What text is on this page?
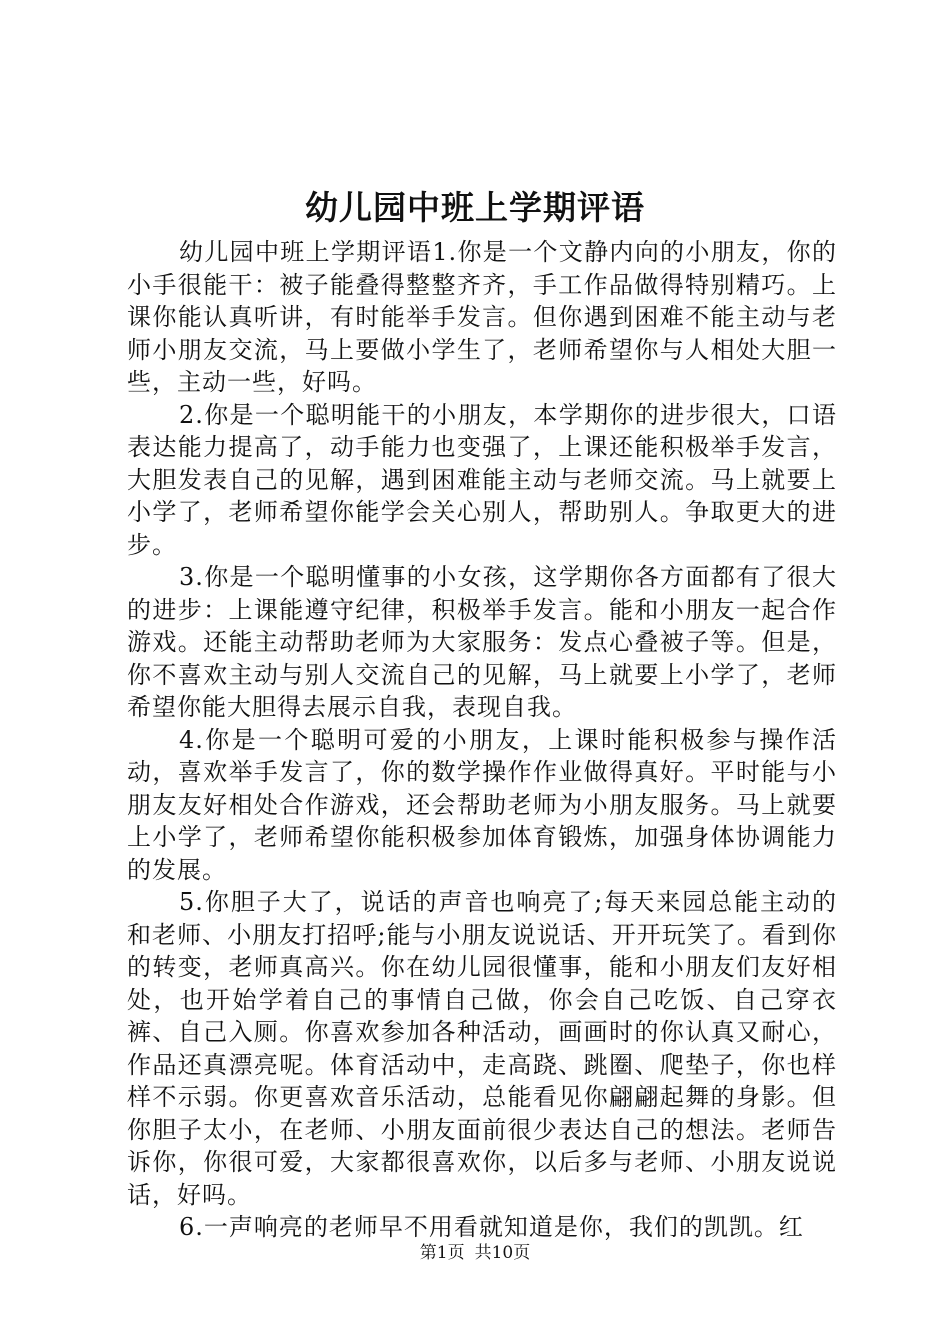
幼儿园中班上学期评语

幼儿园中班上学期评语1.你是一个文静内向的小朋友，你的小手很能干：被子能叠得整整齐齐，手工作品做得特别精巧。上课你能认真听讲，有时能举手发言。但你遇到困难不能主动与老师小朋友交流，马上要做小学生了，老师希望你与人相处大胆一些，主动一些，好吗。

2.你是一个聪明能干的小朋友，本学期你的进步很大，口语表达能力提高了，动手能力也变强了，上课还能积极举手发言，大胆发表自己的见解，遇到困难能主动与老师交流。马上就要上小学了，老师希望你能学会关心别人，帮助别人。争取更大的进步。

3.你是一个聪明懂事的小女孩，这学期你各方面都有了很大的进步：上课能遵守纪律，积极举手发言。能和小朋友一起合作游戏。还能主动帮助老师为大家服务：发点心叠被子等。但是，你不喜欢主动与别人交流自己的见解，马上就要上小学了，老师希望你能大胆得去展示自我，表现自我。

4.你是一个聪明可爱的小朋友，上课时能积极参与操作活动，喜欢举手发言了，你的数学操作作业做得真好。平时能与小朋友友好相处合作游戏，还会帮助老师为小朋友服务。马上就要上小学了，老师希望你能积极参加体育锻炼，加强身体协调能力的发展。

5.你胆子大了，说话的声音也响亮了;每天来园总能主动的和老师、小朋友打招呼;能与小朋友说说话、开开玩笑了。看到你的转变，老师真高兴。你在幼儿园很懂事，能和小朋友们友好相处，也开始学着自己的事情自己做，你会自己吃饭、自己穿衣裤、自己入厕。你喜欢参加各种活动，画画时的你认真又耐心，作品还真漂亮呢。体育活动中，走高跷、跳圈、爬垫子，你也样样不示弱。你更喜欢音乐活动，总能看见你翩翩起舞的身影。但你胆子太小，在老师、小朋友面前很少表达自己的想法。老师告诉你，你很可爱，大家都很喜欢你，以后多与老师、小朋友说说话，好吗。

6.一声响亮的老师早不用看就知道是你，我们的凯凯。红

第1页 共10页
